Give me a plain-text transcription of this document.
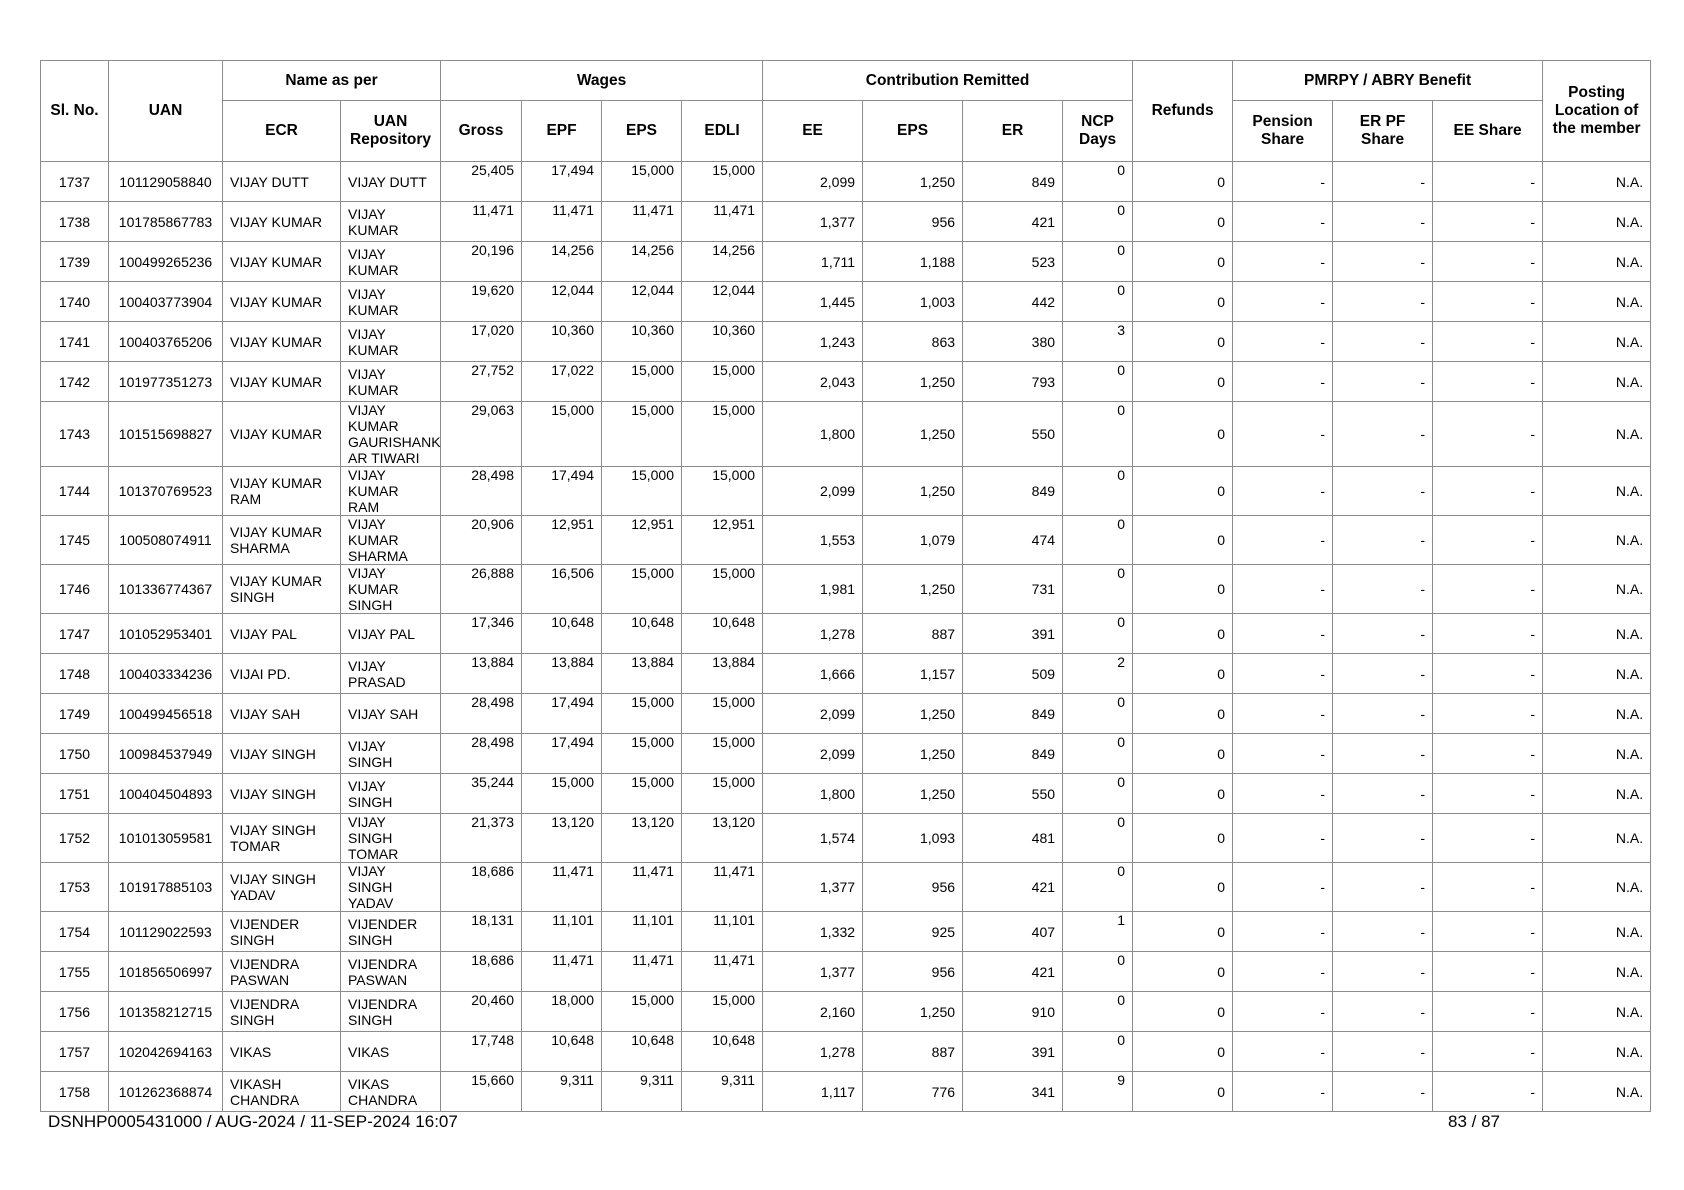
Sl. No.	UAN	Name as per		Wages				Contribution Remitted				Refunds	PMRPY / ABRY Benefit			Posting Location of the member
		ECR	UAN Repository	Gross	EPF	EPS	EDLI	EE	EPS	ER	NCP Days		Pension Share	ER PF Share	EE Share	
1737	101129058840	VIJAY DUTT	VIJAY DUTT	25,405	17,494	15,000	15,000	2,099	1,250	849	0	0	-	-	-	N.A.
1738	101785867783	VIJAY KUMAR	VIJAY KUMAR	11,471	11,471	11,471	11,471	1,377	956	421	0	0	-	-	-	N.A.
1739	100499265236	VIJAY KUMAR	VIJAY KUMAR	20,196	14,256	14,256	14,256	1,711	1,188	523	0	0	-	-	-	N.A.
1740	100403773904	VIJAY KUMAR	VIJAY KUMAR	19,620	12,044	12,044	12,044	1,445	1,003	442	0	0	-	-	-	N.A.
1741	100403765206	VIJAY KUMAR	VIJAY KUMAR	17,020	10,360	10,360	10,360	1,243	863	380	3	0	-	-	-	N.A.
1742	101977351273	VIJAY KUMAR	VIJAY KUMAR	27,752	17,022	15,000	15,000	2,043	1,250	793	0	0	-	-	-	N.A.
1743	101515698827	VIJAY KUMAR	VIJAY KUMAR GAURISHANK AR TIWARI	29,063	15,000	15,000	15,000	1,800	1,250	550	0	0	-	-	-	N.A.
1744	101370769523	VIJAY KUMAR RAM	VIJAY KUMAR RAM	28,498	17,494	15,000	15,000	2,099	1,250	849	0	0	-	-	-	N.A.
1745	100508074911	VIJAY KUMAR SHARMA	VIJAY KUMAR SHARMA	20,906	12,951	12,951	12,951	1,553	1,079	474	0	0	-	-	-	N.A.
1746	101336774367	VIJAY KUMAR SINGH	VIJAY KUMAR SINGH	26,888	16,506	15,000	15,000	1,981	1,250	731	0	0	-	-	-	N.A.
1747	101052953401	VIJAY PAL	VIJAY PAL	17,346	10,648	10,648	10,648	1,278	887	391	0	0	-	-	-	N.A.
1748	100403334236	VIJAI PD.	VIJAY PRASAD	13,884	13,884	13,884	13,884	1,666	1,157	509	2	0	-	-	-	N.A.
1749	100499456518	VIJAY SAH	VIJAY SAH	28,498	17,494	15,000	15,000	2,099	1,250	849	0	0	-	-	-	N.A.
1750	100984537949	VIJAY SINGH	VIJAY SINGH	28,498	17,494	15,000	15,000	2,099	1,250	849	0	0	-	-	-	N.A.
1751	100404504893	VIJAY SINGH	VIJAY SINGH	35,244	15,000	15,000	15,000	1,800	1,250	550	0	0	-	-	-	N.A.
1752	101013059581	VIJAY SINGH TOMAR	VIJAY SINGH TOMAR	21,373	13,120	13,120	13,120	1,574	1,093	481	0	0	-	-	-	N.A.
1753	101917885103	VIJAY SINGH YADAV	VIJAY SINGH YADAV	18,686	11,471	11,471	11,471	1,377	956	421	0	0	-	-	-	N.A.
1754	101129022593	VIJENDER SINGH	VIJENDER SINGH	18,131	11,101	11,101	11,101	1,332	925	407	1	0	-	-	-	N.A.
1755	101856506997	VIJENDRA PASWAN	VIJENDRA PASWAN	18,686	11,471	11,471	11,471	1,377	956	421	0	0	-	-	-	N.A.
1756	101358212715	VIJENDRA SINGH	VIJENDRA SINGH	20,460	18,000	15,000	15,000	2,160	1,250	910	0	0	-	-	-	N.A.
1757	102042694163	VIKAS	VIKAS	17,748	10,648	10,648	10,648	1,278	887	391	0	0	-	-	-	N.A.
1758	101262368874	VIKASH CHANDRA	VIKAS CHANDRA	15,660	9,311	9,311	9,311	1,117	776	341	9	0	-	-	-	N.A.
DSNHP0005431000 / AUG-2024 / 11-SEP-2024 16:07	83 / 87
